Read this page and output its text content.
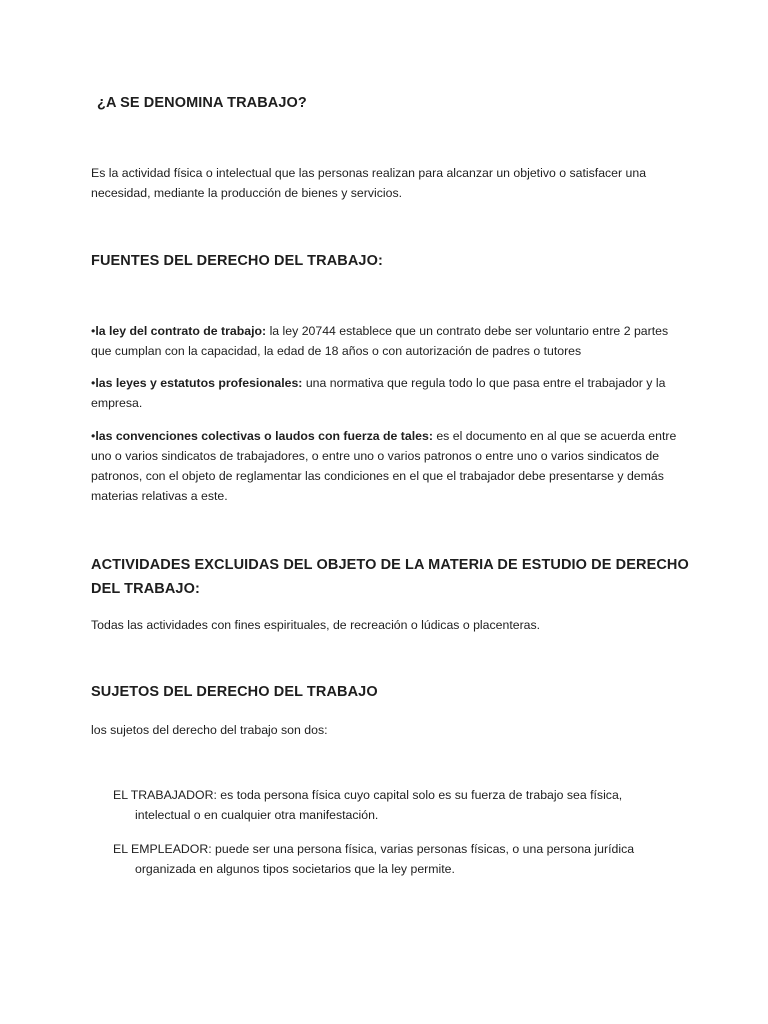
¿A SE DENOMINA TRABAJO?
Es la actividad física o intelectual que las personas realizan para alcanzar un objetivo o satisfacer una necesidad, mediante la producción de bienes y servicios.
FUENTES DEL DERECHO DEL TRABAJO:
•la ley del contrato de trabajo: la ley 20744 establece que un contrato debe ser voluntario entre 2 partes que cumplan con la capacidad, la edad de 18 años o con autorización de padres o tutores
•las leyes y estatutos profesionales: una normativa que regula todo lo que pasa entre el trabajador y la empresa.
•las convenciones colectivas o laudos con fuerza de tales: es el documento en al que se acuerda entre uno o varios sindicatos de trabajadores, o entre uno o varios patronos o entre uno o varios sindicatos de patronos, con el objeto de reglamentar las condiciones en el que el trabajador debe presentarse y demás materias relativas a este.
ACTIVIDADES EXCLUIDAS DEL OBJETO DE LA MATERIA DE ESTUDIO DE DERECHO DEL TRABAJO:
Todas las actividades con fines espirituales, de recreación o lúdicas o placenteras.
SUJETOS DEL DERECHO DEL TRABAJO
los sujetos del derecho del trabajo son dos:
EL TRABAJADOR: es toda persona física cuyo capital solo es su fuerza de trabajo sea física, intelectual o en cualquier otra manifestación.
EL EMPLEADOR: puede ser una persona física, varias personas físicas, o una persona jurídica organizada en algunos tipos societarios que la ley permite.
